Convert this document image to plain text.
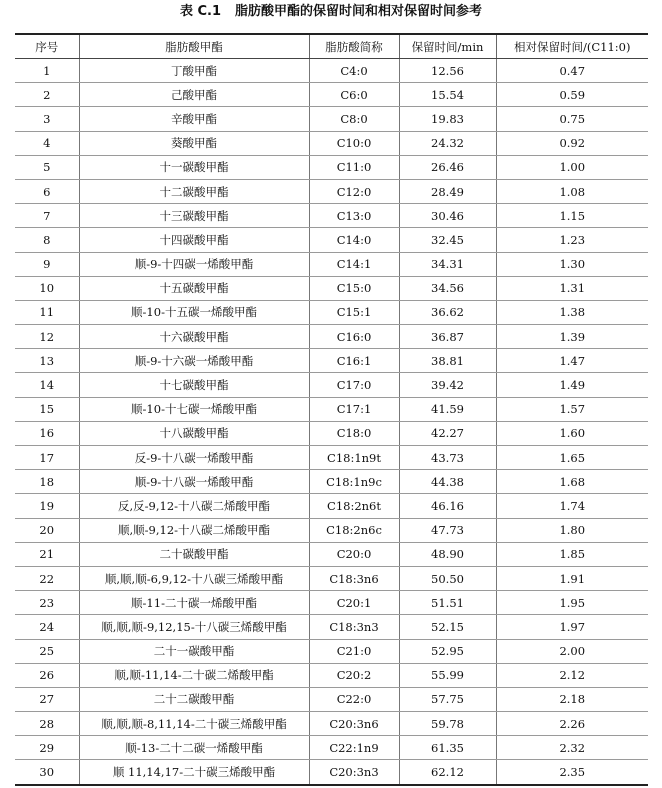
表 C.1 脂肪酸甲酯的保留时间和相对保留时间参考
序号	脂肪酸甲酯	脂肪酸简称	保留时间/min	相对保留时间/(C11:0)
1	丁酸甲酯	C4:0	12.56	0.47
2	己酸甲酯	C6:0	15.54	0.59
3	辛酸甲酯	C8:0	19.83	0.75
4	葵酸甲酯	C10:0	24.32	0.92
5	十一碳酸甲酯	C11:0	26.46	1.00
6	十二碳酸甲酯	C12:0	28.49	1.08
7	十三碳酸甲酯	C13:0	30.46	1.15
8	十四碳酸甲酯	C14:0	32.45	1.23
9	顺-9-十四碳一烯酸甲酯	C14:1	34.31	1.30
10	十五碳酸甲酯	C15:0	34.56	1.31
11	顺-10-十五碳一烯酸甲酯	C15:1	36.62	1.38
12	十六碳酸甲酯	C16:0	36.87	1.39
13	顺-9-十六碳一烯酸甲酯	C16:1	38.81	1.47
14	十七碳酸甲酯	C17:0	39.42	1.49
15	顺-10-十七碳一烯酸甲酯	C17:1	41.59	1.57
16	十八碳酸甲酯	C18:0	42.27	1.60
17	反-9-十八碳一烯酸甲酯	C18:1n9t	43.73	1.65
18	顺-9-十八碳一烯酸甲酯	C18:1n9c	44.38	1.68
19	反,反-9,12-十八碳二烯酸甲酯	C18:2n6t	46.16	1.74
20	顺,顺-9,12-十八碳二烯酸甲酯	C18:2n6c	47.73	1.80
21	二十碳酸甲酯	C20:0	48.90	1.85
22	顺,顺,顺-6,9,12-十八碳三烯酸甲酯	C18:3n6	50.50	1.91
23	顺-11-二十碳一烯酸甲酯	C20:1	51.51	1.95
24	顺,顺,顺-9,12,15-十八碳三烯酸甲酯	C18:3n3	52.15	1.97
25	二十一碳酸甲酯	C21:0	52.95	2.00
26	顺,顺-11,14-二十碳二烯酸甲酯	C20:2	55.99	2.12
27	二十二碳酸甲酯	C22:0	57.75	2.18
28	顺,顺,顺-8,11,14-二十碳三烯酸甲酯	C20:3n6	59.78	2.26
29	顺-13-二十二碳一烯酸甲酯	C22:1n9	61.35	2.32
30	顺 11,14,17-二十碳三烯酸甲酯	C20:3n3	62.12	2.35
